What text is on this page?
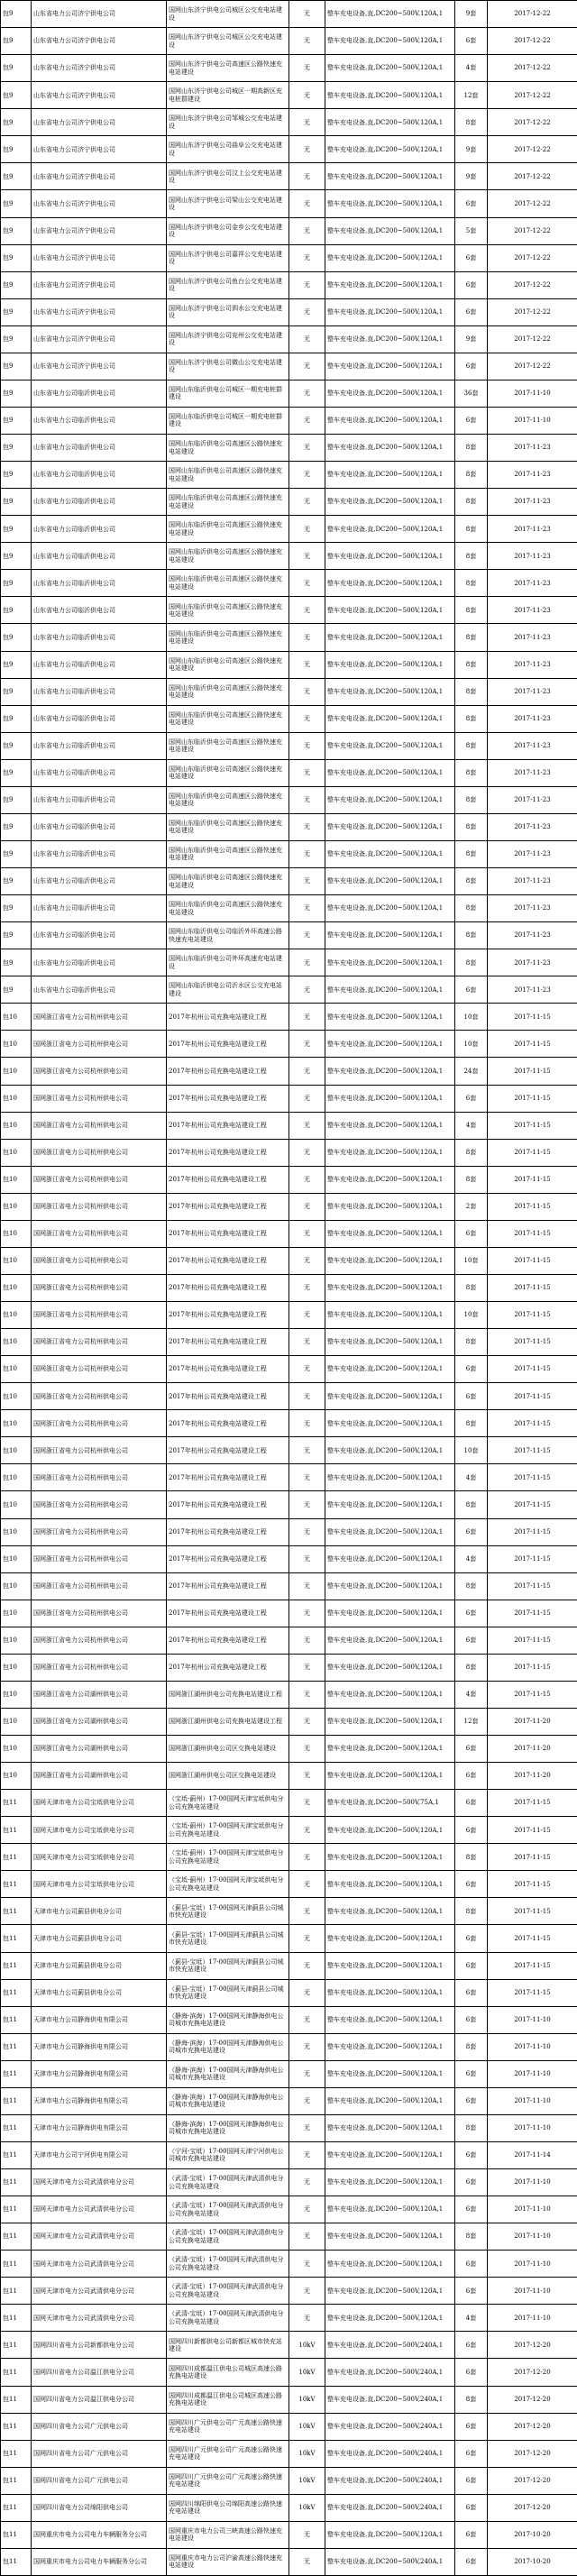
包9	山东省电力公司济宁供电公司	国网山东济宁供电公司城区公交充电站建设	无	整车充电设备,直,DC200~500V,120A,1	9套	2017-12-22
包9	山东省电力公司济宁供电公司	国网山东济宁供电公司城区公交充电站建设	无	整车充电设备,直,DC200~500V,120A,1	6套	2017-12-22
包9	山东省电力公司济宁供电公司	国网山东济宁供电公司高速区公路快速充电站建设	无	整车充电设备,直,DC200~500V,120A,1	4套	2017-12-22
包9	山东省电力公司济宁供电公司	国网山东济宁供电公司城区一期高新区充电桩群建设	无	整车充电设备,直,DC200~500V,120A,1	12套	2017-12-22
包9	山东省电力公司济宁供电公司	国网山东济宁供电公司邹城公交充电站建设	无	整车充电设备,直,DC200~500V,120A,1	8套	2017-12-22
包9	山东省电力公司济宁供电公司	国网山东济宁供电公司曲阜公交充电站建设	无	整车充电设备,直,DC200~500V,120A,1	9套	2017-12-22
包9	山东省电力公司济宁供电公司	国网山东济宁供电公司汶上公交充电站建设	无	整车充电设备,直,DC200~500V,120A,1	9套	2017-12-22
包9	山东省电力公司济宁供电公司	国网山东济宁供电公司梁山公交充电站建设	无	整车充电设备,直,DC200~500V,120A,1	6套	2017-12-22
包9	山东省电力公司济宁供电公司	国网山东济宁供电公司金乡公交充电站建设	无	整车充电设备,直,DC200~500V,120A,1	5套	2017-12-22
包9	山东省电力公司济宁供电公司	国网山东济宁供电公司嘉祥公交充电站建设	无	整车充电设备,直,DC200~500V,120A,1	6套	2017-12-22
包9	山东省电力公司济宁供电公司	国网山东济宁供电公司鱼台公交充电站建设	无	整车充电设备,直,DC200~500V,120A,1	6套	2017-12-22
包9	山东省电力公司济宁供电公司	国网山东济宁供电公司泗水公交充电站建设	无	整车充电设备,直,DC200~500V,120A,1	6套	2017-12-22
包9	山东省电力公司济宁供电公司	国网山东济宁供电公司兖州公交充电站建设	无	整车充电设备,直,DC200~500V,120A,1	9套	2017-12-22
包9	山东省电力公司济宁供电公司	国网山东济宁供电公司微山公交充电站建设	无	整车充电设备,直,DC200~500V,120A,1	6套	2017-12-22
包9	山东省电力公司临沂供电公司	国网山东临沂供电公司城区一期充电桩群建设	无	整车充电设备,直,DC200~500V,120A,1	36套	2017-11-10
包9	山东省电力公司临沂供电公司	国网山东临沂供电公司城区一期充电桩群建设	无	整车充电设备,直,DC200~500V,120A,1	6套	2017-11-10
包9	山东省电力公司临沂供电公司	国网山东临沂供电公司高速区公路快速充电站建设	无	整车充电设备,直,DC200~500V,120A,1	8套	2017-11-23
包9	山东省电力公司临沂供电公司	国网山东临沂供电公司高速区公路快速充电站建设	无	整车充电设备,直,DC200~500V,120A,1	8套	2017-11-23
包9	山东省电力公司临沂供电公司	国网山东临沂供电公司高速区公路快速充电站建设	无	整车充电设备,直,DC200~500V,120A,1	8套	2017-11-23
包9	山东省电力公司临沂供电公司	国网山东临沂供电公司高速区公路快速充电站建设	无	整车充电设备,直,DC200~500V,120A,1	8套	2017-11-23
包9	山东省电力公司临沂供电公司	国网山东临沂供电公司高速区公路快速充电站建设	无	整车充电设备,直,DC200~500V,120A,1	8套	2017-11-23
包9	山东省电力公司临沂供电公司	国网山东临沂供电公司高速区公路快速充电站建设	无	整车充电设备,直,DC200~500V,120A,1	8套	2017-11-23
包9	山东省电力公司临沂供电公司	国网山东临沂供电公司高速区公路快速充电站建设	无	整车充电设备,直,DC200~500V,120A,1	8套	2017-11-23
包9	山东省电力公司临沂供电公司	国网山东临沂供电公司高速区公路快速充电站建设	无	整车充电设备,直,DC200~500V,120A,1	8套	2017-11-23
包9	山东省电力公司临沂供电公司	国网山东临沂供电公司高速区公路快速充电站建设	无	整车充电设备,直,DC200~500V,120A,1	8套	2017-11-23
包9	山东省电力公司临沂供电公司	国网山东临沂供电公司高速区公路快速充电站建设	无	整车充电设备,直,DC200~500V,120A,1	8套	2017-11-23
包9	山东省电力公司临沂供电公司	国网山东临沂供电公司高速区公路快速充电站建设	无	整车充电设备,直,DC200~500V,120A,1	8套	2017-11-23
包9	山东省电力公司临沂供电公司	国网山东临沂供电公司高速区公路快速充电站建设	无	整车充电设备,直,DC200~500V,120A,1	8套	2017-11-23
包9	山东省电力公司临沂供电公司	国网山东临沂供电公司高速区公路快速充电站建设	无	整车充电设备,直,DC200~500V,120A,1	8套	2017-11-23
包9	山东省电力公司临沂供电公司	国网山东临沂供电公司高速区公路快速充电站建设	无	整车充电设备,直,DC200~500V,120A,1	8套	2017-11-23
包9	山东省电力公司临沂供电公司	国网山东临沂供电公司高速区公路快速充电站建设	无	整车充电设备,直,DC200~500V,120A,1	8套	2017-11-23
包9	山东省电力公司临沂供电公司	国网山东临沂供电公司高速区公路快速充电站建设	无	整车充电设备,直,DC200~500V,120A,1	8套	2017-11-23
包9	山东省电力公司临沂供电公司	国网山东临沂供电公司高速区公路快速充电站建设	无	整车充电设备,直,DC200~500V,120A,1	8套	2017-11-23
包9	山东省电力公司临沂供电公司	国网山东临沂供电公司高速区公路快速充电站建设	无	整车充电设备,直,DC200~500V,120A,1	8套	2017-11-23
包9	山东省电力公司临沂供电公司	国网山东临沂供电公司临沂外环高速公路快速充电站建设	无	整车充电设备,直,DC200~500V,120A,1	8套	2017-11-23
包9	山东省电力公司临沂供电公司	国网山东临沂供电公司外环高速充电站建设	无	整车充电设备,直,DC200~500V,120A,1	8套	2017-11-23
包9	山东省电力公司临沂供电公司	国网山东临沂供电公司沂水区公交充电站建设	无	整车充电设备,直,DC200~500V,120A,1	6套	2017-11-23
包10	国网浙江省电力公司杭州供电公司	2017年杭州公司充换电站建设工程	无	整车充电设备,直,DC200~500V,120A,1	10套	2017-11-15
包10	国网浙江省电力公司杭州供电公司	2017年杭州公司充换电站建设工程	无	整车充电设备,直,DC200~500V,120A,1	10套	2017-11-15
包10	国网浙江省电力公司杭州供电公司	2017年杭州公司充换电站建设工程	无	整车充电设备,直,DC200~500V,120A,1	24套	2017-11-15
包10	国网浙江省电力公司杭州供电公司	2017年杭州公司充换电站建设工程	无	整车充电设备,直,DC200~500V,120A,1	6套	2017-11-15
包10	国网浙江省电力公司杭州供电公司	2017年杭州公司充换电站建设工程	无	整车充电设备,直,DC200~500V,120A,1	4套	2017-11-15
包10	国网浙江省电力公司杭州供电公司	2017年杭州公司充换电站建设工程	无	整车充电设备,直,DC200~500V,120A,1	8套	2017-11-15
包10	国网浙江省电力公司杭州供电公司	2017年杭州公司充换电站建设工程	无	整车充电设备,直,DC200~500V,120A,1	8套	2017-11-15
包10	国网浙江省电力公司杭州供电公司	2017年杭州公司充换电站建设工程	无	整车充电设备,直,DC200~500V,120A,1	2套	2017-11-15
包10	国网浙江省电力公司杭州供电公司	2017年杭州公司充换电站建设工程	无	整车充电设备,直,DC200~500V,120A,1	6套	2017-11-15
包10	国网浙江省电力公司杭州供电公司	2017年杭州公司充换电站建设工程	无	整车充电设备,直,DC200~500V,120A,1	10套	2017-11-15
包10	国网浙江省电力公司杭州供电公司	2017年杭州公司充换电站建设工程	无	整车充电设备,直,DC200~500V,120A,1	8套	2017-11-15
包10	国网浙江省电力公司杭州供电公司	2017年杭州公司充换电站建设工程	无	整车充电设备,直,DC200~500V,120A,1	10套	2017-11-15
包10	国网浙江省电力公司杭州供电公司	2017年杭州公司充换电站建设工程	无	整车充电设备,直,DC200~500V,120A,1	8套	2017-11-15
包10	国网浙江省电力公司杭州供电公司	2017年杭州公司充换电站建设工程	无	整车充电设备,直,DC200~500V,120A,1	6套	2017-11-15
包10	国网浙江省电力公司杭州供电公司	2017年杭州公司充换电站建设工程	无	整车充电设备,直,DC200~500V,120A,1	6套	2017-11-15
包10	国网浙江省电力公司杭州供电公司	2017年杭州公司充换电站建设工程	无	整车充电设备,直,DC200~500V,120A,1	8套	2017-11-15
包10	国网浙江省电力公司杭州供电公司	2017年杭州公司充换电站建设工程	无	整车充电设备,直,DC200~500V,120A,1	10套	2017-11-15
包10	国网浙江省电力公司杭州供电公司	2017年杭州公司充换电站建设工程	无	整车充电设备,直,DC200~500V,120A,1	4套	2017-11-15
包10	国网浙江省电力公司杭州供电公司	2017年杭州公司充换电站建设工程	无	整车充电设备,直,DC200~500V,120A,1	8套	2017-11-15
包10	国网浙江省电力公司杭州供电公司	2017年杭州公司充换电站建设工程	无	整车充电设备,直,DC200~500V,120A,1	6套	2017-11-15
包10	国网浙江省电力公司杭州供电公司	2017年杭州公司充换电站建设工程	无	整车充电设备,直,DC200~500V,120A,1	4套	2017-11-15
包10	国网浙江省电力公司杭州供电公司	2017年杭州公司充换电站建设工程	无	整车充电设备,直,DC200~500V,120A,1	8套	2017-11-15
包10	国网浙江省电力公司杭州供电公司	2017年杭州公司充换电站建设工程	无	整车充电设备,直,DC200~500V,120A,1	6套	2017-11-15
包10	国网浙江省电力公司杭州供电公司	2017年杭州公司充换电站建设工程	无	整车充电设备,直,DC200~500V,120A,1	6套	2017-11-15
包10	国网浙江省电力公司杭州供电公司	2017年杭州公司充换电站建设工程	无	整车充电设备,直,DC200~500V,120A,1	8套	2017-11-15
包10	国网浙江省电力公司湖州供电公司	国网浙江湖州供电公司充换电站建设工程	无	整车充电设备,直,DC200~500V,120A,1	4套	2017-11-15
包10	国网浙江省电力公司湖州供电公司	国网浙江湖州供电公司充换电站建设工程	无	整车充电设备,直,DC200~500V,120A,1	12套	2017-11-20
包10	国网浙江省电力公司湖州供电公司	国网浙江湖州供电公司区交换电站建设	无	整车充电设备,直,DC200~500V,120A,1	6套	2017-11-20
包10	国网浙江省电力公司湖州供电公司	国网浙江湖州供电公司区交换电站建设	无	整车充电设备,直,DC200~500V,120A,1	6套	2017-11-20
包11	国网天津市电力公司宝坻供电分公司	（宝坻-蓟州）17-00国网天津宝坻供电分公司充换电站建设	无	整车充电设备,直,DC200~500V,75A,1	6套	2017-11-15
包11	国网天津市电力公司宝坻供电分公司	（宝坻-蓟州）17-00国网天津宝坻供电分公司充换电站建设	无	整车充电设备,直,DC200~500V,120A,1	6套	2017-11-15
包11	国网天津市电力公司宝坻供电分公司	（宝坻-蓟州）17-00国网天津宝坻供电分公司充换电站建设	无	整车充电设备,直,DC200~500V,120A,1	8套	2017-11-15
包11	国网天津市电力公司宝坻供电分公司	（宝坻-蓟州）17-00国网天津宝坻供电分公司充换电站建设	无	整车充电设备,直,DC200~500V,120A,1	6套	2017-11-15
包11	天津市电力公司蓟县供电分公司	（蓟县-宝坻）17-00国网天津蓟县公司城市快充站建设	无	整车充电设备,直,DC200~500V,120A,1	8套	2017-11-15
包11	天津市电力公司蓟县供电分公司	（蓟县-宝坻）17-00国网天津蓟县公司城市快充站建设	无	整车充电设备,直,DC200~500V,120A,1	6套	2017-11-15
包11	天津市电力公司蓟县供电分公司	（蓟县-宝坻）17-00国网天津蓟县公司城市快充站建设	无	整车充电设备,直,DC200~500V,120A,1	6套	2017-11-15
包11	天津市电力公司蓟县供电分公司	（蓟县-宝坻）17-00国网天津蓟县公司城市快充站建设	无	整车充电设备,直,DC200~500V,120A,1	6套	2017-11-15
包11	天津市电力公司静海供电有限公司	（静海-滨海）17-00国网天津静海供电公司城市充换电站建设	无	整车充电设备,直,DC200~500V,120A,1	6套	2017-11-10
包11	天津市电力公司静海供电有限公司	（静海-滨海）17-00国网天津静海供电公司城市充换电站建设	无	整车充电设备,直,DC200~500V,120A,1	8套	2017-11-10
包11	天津市电力公司静海供电有限公司	（静海-滨海）17-00国网天津静海供电公司城市充换电站建设	无	整车充电设备,直,DC200~500V,120A,1	6套	2017-11-10
包11	天津市电力公司静海供电有限公司	（静海-滨海）17-00国网天津静海供电公司城市充换电站建设	无	整车充电设备,直,DC200~500V,120A,1	6套	2017-11-10
包11	天津市电力公司静海供电有限公司	（静海-滨海）17-00国网天津静海供电公司城市充换电站建设	无	整车充电设备,直,DC200~500V,120A,1	8套	2017-11-10
包11	天津市电力公司宁河供电有限公司	（宁河-宝坻）17-00国网天津宁河供电公司城市充换电站建设	无	整车充电设备,直,DC200~500V,120A,1	6套	2017-11-14
包11	国网天津市电力公司武清供电分公司	（武清-宝坻）17-00国网天津武清供电分公司充换电站建设	无	整车充电设备,直,DC200~500V,120A,1	6套	2017-11-10
包11	国网天津市电力公司武清供电分公司	（武清-宝坻）17-00国网天津武清供电分公司充换电站建设	无	整车充电设备,直,DC200~500V,120A,1	6套	2017-11-10
包11	国网天津市电力公司武清供电分公司	（武清-宝坻）17-00国网天津武清供电分公司充换电站建设	无	整车充电设备,直,DC200~500V,120A,1	8套	2017-11-10
包11	国网天津市电力公司武清供电分公司	（武清-宝坻）17-00国网天津武清供电分公司充换电站建设	无	整车充电设备,直,DC200~500V,120A,1	6套	2017-11-10
包11	国网天津市电力公司武清供电分公司	（武清-宝坻）17-00国网天津武清供电分公司充换电站建设	无	整车充电设备,直,DC200~500V,120A,1	6套	2017-11-10
包11	国网天津市电力公司武清供电分公司	（武清-宝坻）17-00国网天津武清供电分公司充换电站建设	无	整车充电设备,直,DC200~500V,120A,1	4套	2017-11-10
包11	国网四川省电力公司新都供电分公司	国网四川新都供电公司新都区城市快充站建设	10kV	整车充电设备,直,DC200~500V,240A,1	6套	2017-12-20
包11	国网四川省电力公司温江供电分公司	国网四川成都温江供电公司城区高速公路充换电站建设	10kV	整车充电设备,直,DC200~500V,240A,1	6套	2017-12-20
包11	国网四川省电力公司温江供电分公司	国网四川成都温江供电公司城区高速公路充换电站建设	10kV	整车充电设备,直,DC200~500V,240A,1	8套	2017-12-20
包11	国网四川省电力公司广元供电公司	国网四川广元供电公司广元高速公路快速充电站建设	10kV	整车充电设备,直,DC200~500V,240A,1	6套	2017-12-20
包11	国网四川省电力公司广元供电公司	国网四川广元供电公司广元高速公路快速充电站建设	10kV	整车充电设备,直,DC200~500V,240A,1	6套	2017-12-20
包11	国网四川省电力公司广元供电公司	国网四川广元供电公司广元高速公路快速充电站建设	10kV	整车充电设备,直,DC200~500V,240A,1	6套	2017-12-20
包11	国网四川省电力公司绵阳供电公司	国网四川绵阳供电公司绵阳高速公路快速充电站建设	10kV	整车充电设备,直,DC200~500V,240A,1	6套	2017-12-20
包11	国网重庆市电力公司电力车辆服务分公司	国网重庆市电力公司三峡高速公路快速充电站建设	无	整车充电设备,直,DC200~500V,120A,1	6套	2017-10-20
包11	国网重庆市电力公司电力车辆服务分公司	国网重庆市电力公司沪渝高速公路快速充电站建设	无	整车充电设备,直,DC200~500V,240A,1	6套	2017-10-20
